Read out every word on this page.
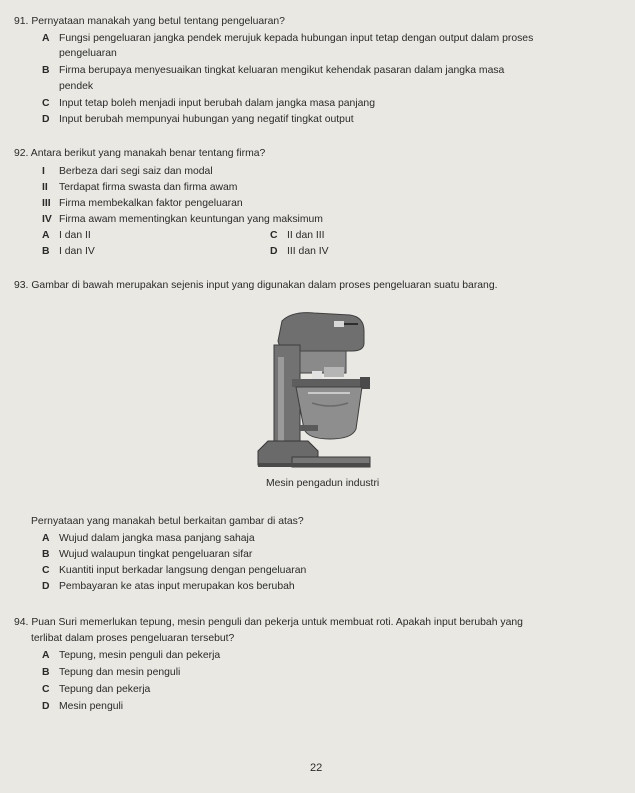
91. Pernyataan manakah yang betul tentang pengeluaran?
A Fungsi pengeluaran jangka pendek merujuk kepada hubungan input tetap dengan output dalam proses
pengeluaran
B Firma berupaya menyesuaikan tingkat keluaran mengikut kehendak pasaran dalam jangka masa
pendek
C Input tetap boleh menjadi input berubah dalam jangka masa panjang
D Input berubah mempunyai hubungan yang negatif tingkat output
92. Antara berikut yang manakah benar tentang firma?
I Berbeza dari segi saiz dan modal
II Terdapat firma swasta dan firma awam
III Firma membekalkan faktor pengeluaran
IV Firma awam mementingkan keuntungan yang maksimum
A I dan II	C II dan III
B I dan IV	D III dan IV
93. Gambar di bawah merupakan sejenis input yang digunakan dalam proses pengeluaran suatu barang.
Mesin pengadun industri
Pernyataan yang manakah betul berkaitan gambar di atas?
A Wujud dalam jangka masa panjang sahaja
B Wujud walaupun tingkat pengeluaran sifar
C Kuantiti input berkadar langsung dengan pengeluaran
D Pembayaran ke atas input merupakan kos berubah
94. Puan Suri memerlukan tepung, mesin penguli dan pekerja untuk membuat roti. Apakah input berubah yang
terlibat dalam proses pengeluaran tersebut?
A Tepung, mesin penguli dan pekerja
B Tepung dan mesin penguli
C Tepung dan pekerja
D Mesin penguli
22
